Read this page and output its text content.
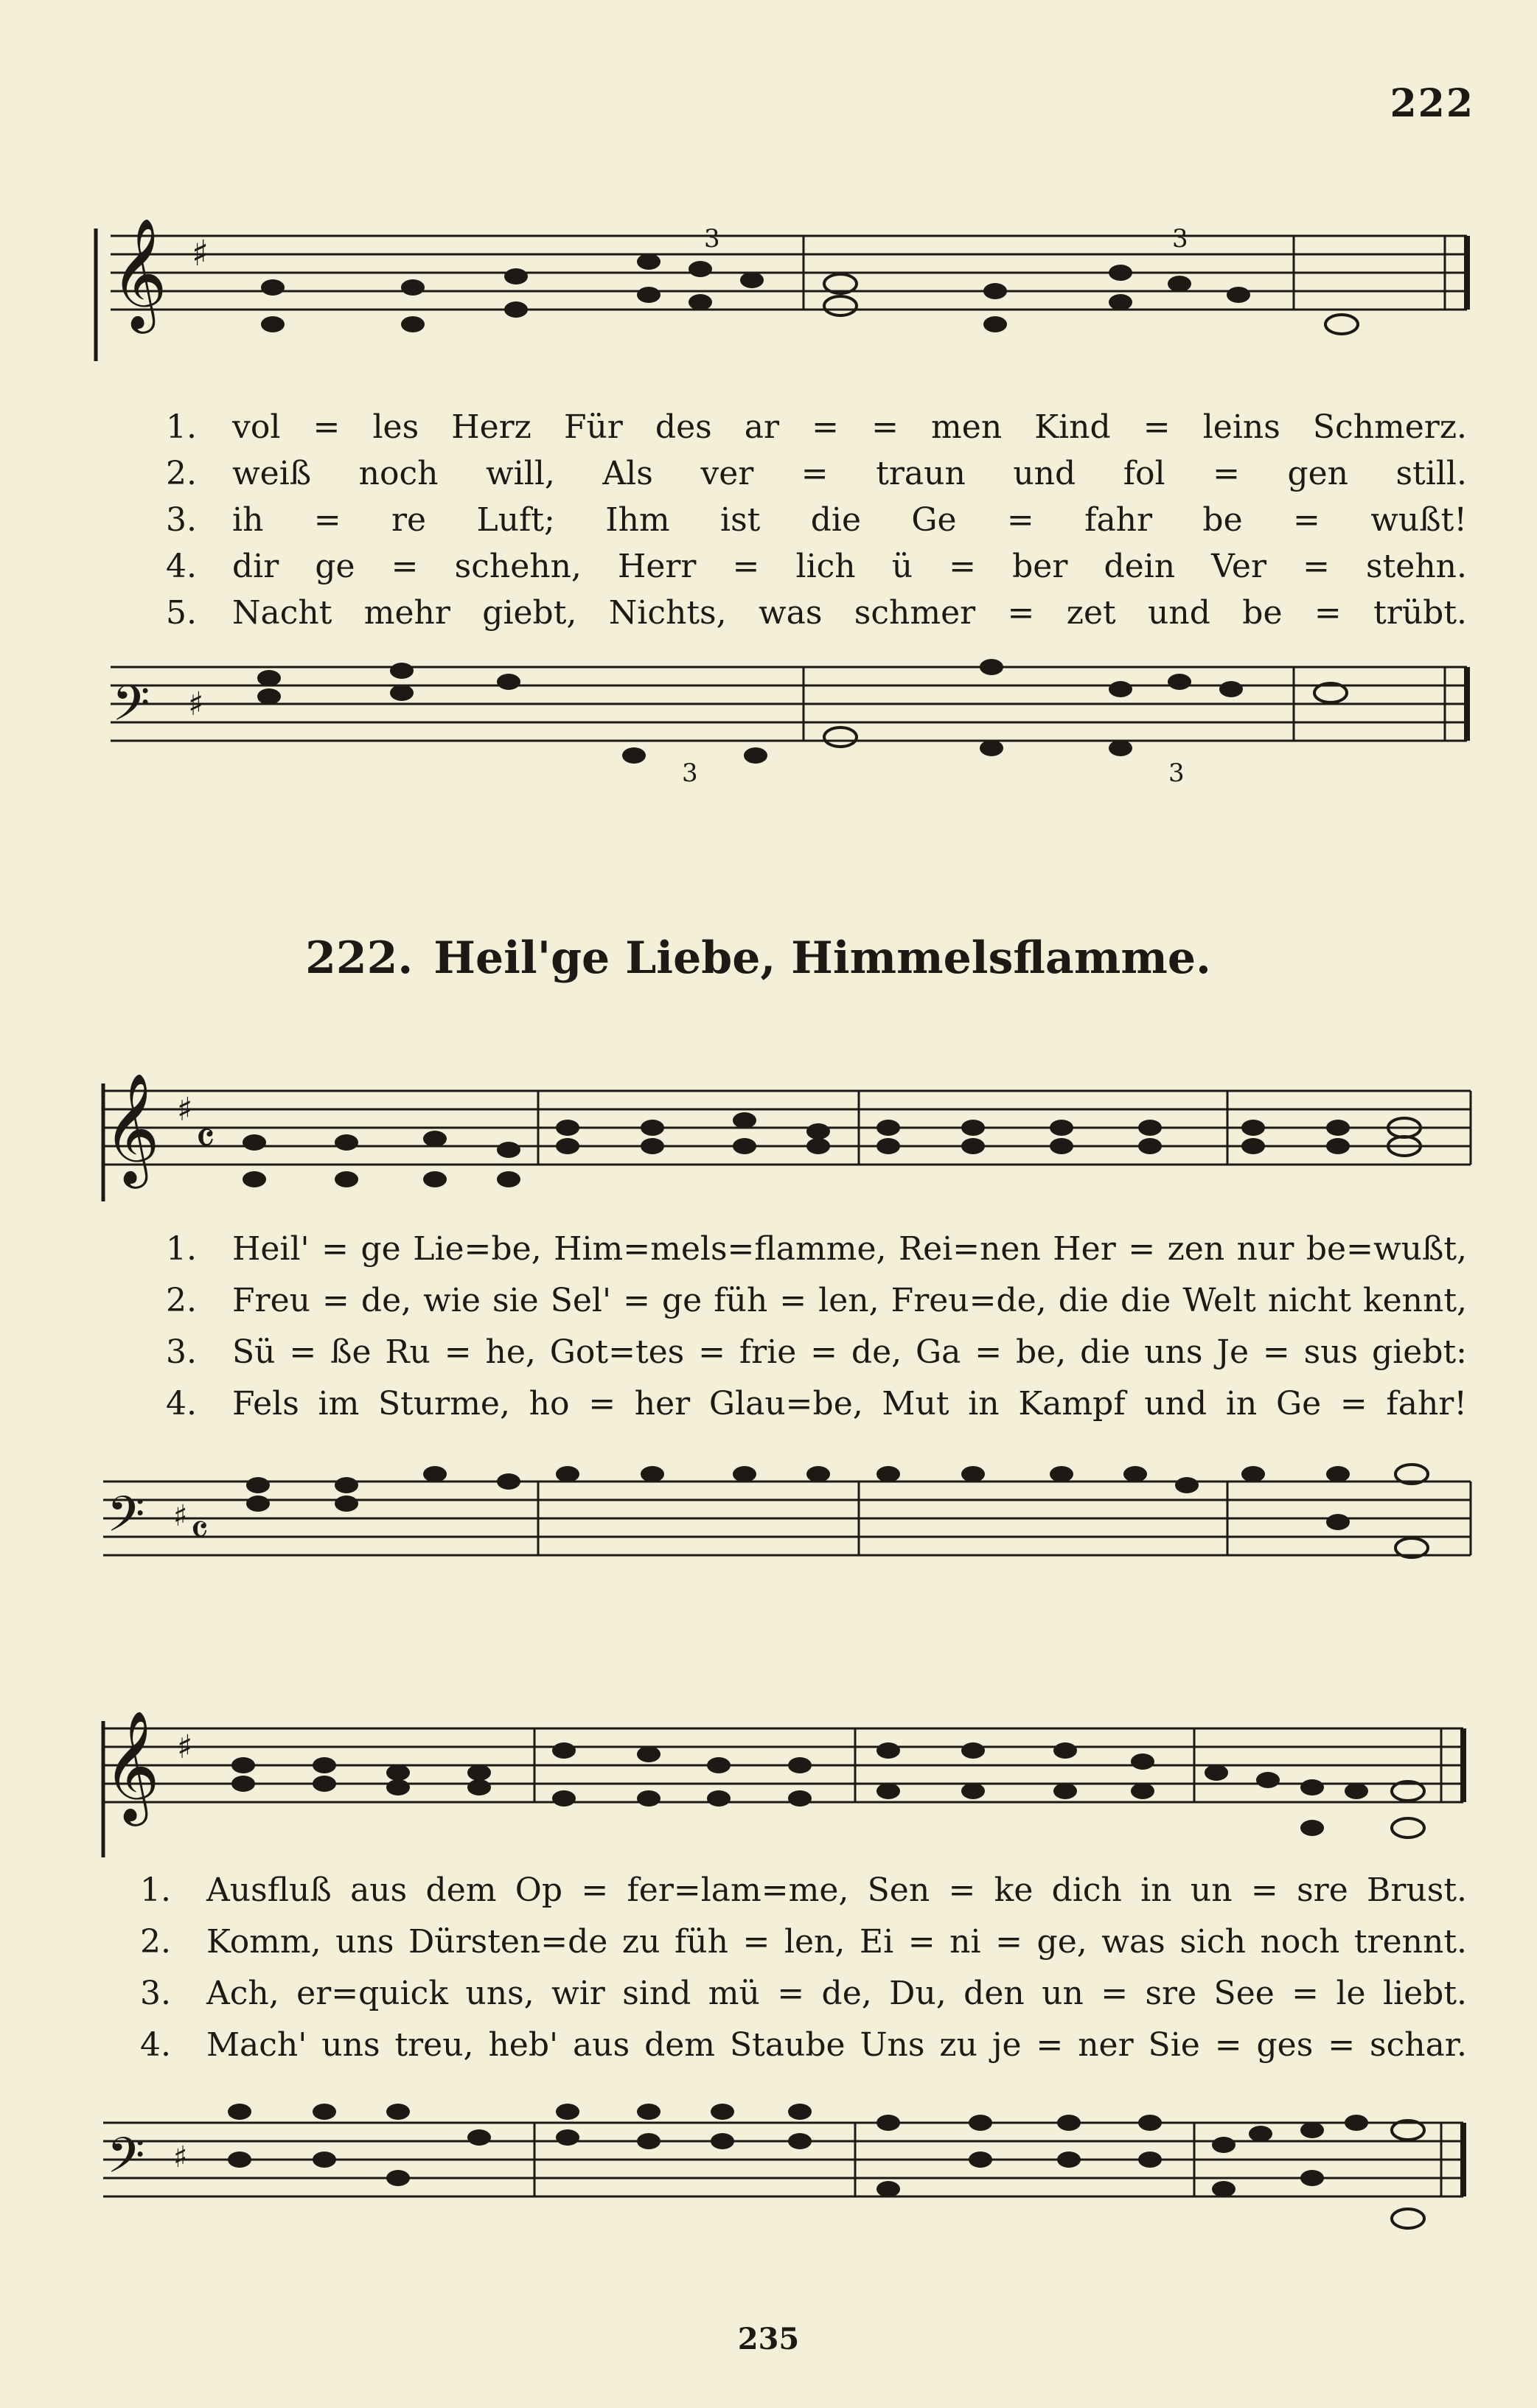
222
𝄞 ♯	3	3
1.	vol = les Herz Für des ar = = men Kind = leins Schmerz.
2.	weiß noch will, Als ver = traun und fol = gen still.
3.	ih = re Luft; Ihm ist die Ge = fahr be = wußt!
4.	dir ge = schehn, Herr = lich ü = ber dein Ver = stehn.
5.	Nacht mehr giebt, Nichts, was schmer = zet und be = trübt.
𝄢 ♯
3	3
222. Heil'ge Liebe, Himmelsflamme.
𝄞 ♯
𝄴
1.	Heil' = ge Lie=be, Him=mels=flamme, Rei=nen Her = zen nur be=wußt,
2.	Freu = de, wie sie Sel' = ge füh = len, Freu=de, die die Welt nicht kennt,
3.	Sü = ße Ru = he, Got=tes = frie = de, Ga = be, die uns Je = sus giebt:
4.	Fels im Sturme, ho = her Glau=be, Mut in Kampf und in Ge = fahr!
𝄢 ♯ 𝄴
𝄞 ♯
1.	Ausfluß aus dem Op = fer=lam=me, Sen = ke dich in un = sre Brust.
2.	Komm, uns Dürsten=de zu füh = len, Ei = ni = ge, was sich noch trennt.
3.	Ach, er=quick uns, wir sind mü = de, Du, den un = sre See = le liebt.
4.	Mach' uns treu, heb' aus dem Staube Uns zu je = ner Sie = ges = schar.
𝄢 ♯
235
